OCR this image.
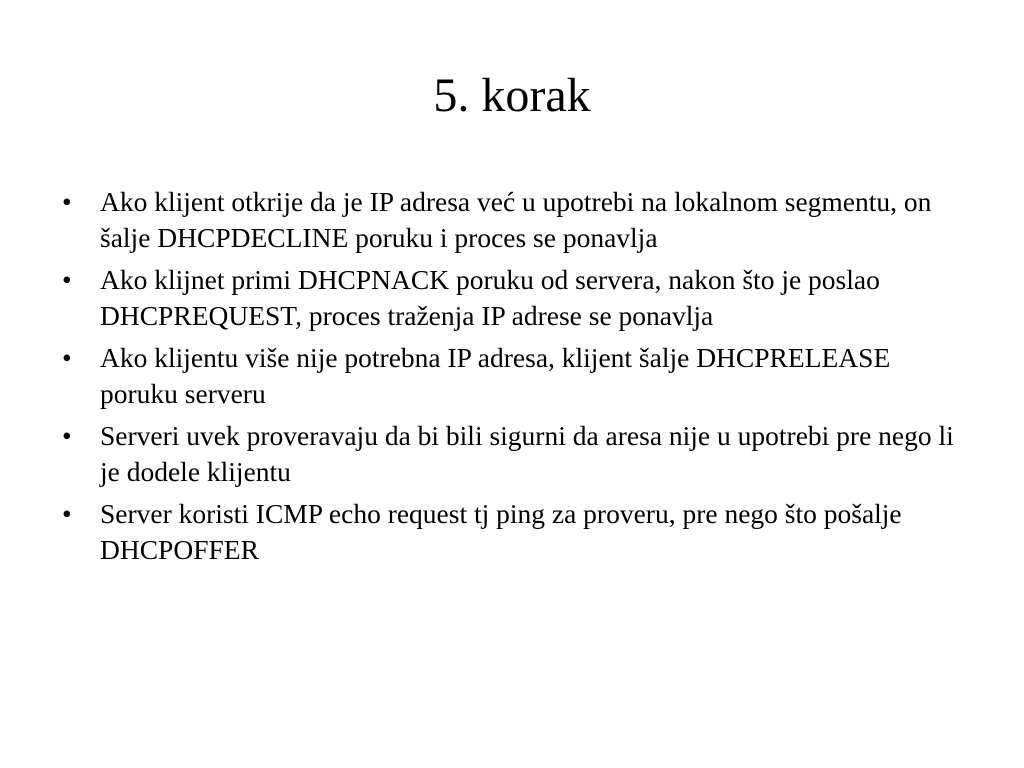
5. korak
•	Ako klijent otkrije da je IP adresa već u upotrebi na lokalnom segmentu, on šalje DHCPDECLINE poruku i proces se ponavlja
•	Ako klijnet primi DHCPNACK poruku od servera, nakon što je poslao DHCPREQUEST, proces traženja IP adrese se ponavlja
•	Ako klijentu više nije potrebna IP adresa, klijent šalje DHCPRELEASE poruku serveru
•	Serveri uvek proveravaju da bi bili sigurni da aresa nije u upotrebi pre nego li je dodele klijentu
•	Server koristi ICMP echo request tj ping za proveru, pre nego što pošalje DHCPOFFER
